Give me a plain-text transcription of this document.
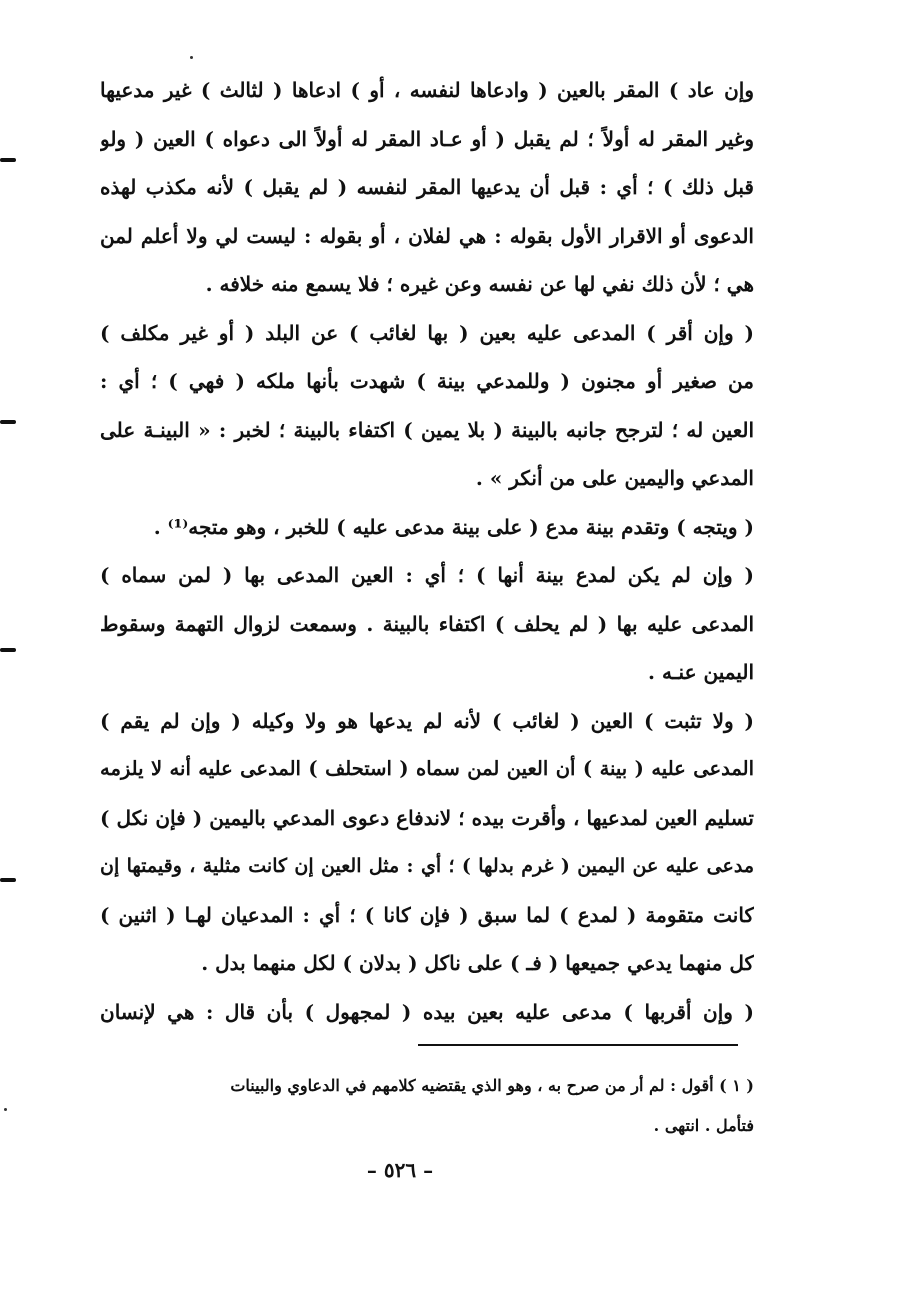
وإن عاد ) المقر بالعين ( وادعاها لنفسه ، أو ) ادعاها ( لثالث ) غير مدعيها
وغير المقر له أولاً ؛ لم يقبل ( أو عـاد المقر له أولاً الى دعواه ) العين ( ولو
قبل ذلك ) ؛ أي : قبل أن يدعيها المقر لنفسه ( لم يقبل ) لأنه مكذب لهذه
الدعوى أو الاقرار الأول بقوله : هي لفلان ، أو بقوله : ليست لي ولا أعلم لمن
هي ؛ لأن ذلك نفي لها عن نفسه وعن غيره ؛ فلا يسمع منه خلافه .
( وإن أقر ) المدعى عليه بعين ( بها لغائب ) عن البلد ( أو غير مكلف )
من صغير أو مجنون ( وللمدعي بينة ) شهدت بأنها ملكه ( فهي ) ؛ أي :
العين له ؛ لترجح جانبه بالبينة ( بلا يمين ) اكتفاء بالبينة ؛ لخبر : « البينـة على
المدعي واليمين على من أنكر » .
( ويتجه ) وتقدم بينة مدع ( على بينة مدعى عليه ) للخبر ، وهو متجه⁽¹⁾ .
( وإن لم يكن لمدع بينة أنها ) ؛ أي : العين المدعى بها ( لمن سماه )
المدعى عليه بها ( لم يحلف ) اكتفاء بالبينة . وسمعت لزوال التهمة وسقوط
اليمين عنـه .
( ولا تثبت ) العين ( لغائب ) لأنه لم يدعها هو ولا وكيله ( وإن لم يقم )
المدعى عليه ( بينة ) أن العين لمن سماه ( استحلف ) المدعى عليه أنه لا يلزمه
تسليم العين لمدعيها ، وأقرت بيده ؛ لاندفاع دعوى المدعي باليمين ( فإن نكل )
مدعى عليه عن اليمين ( غرم بدلها ) ؛ أي : مثل العين إن كانت مثلية ، وقيمتها إن
كانت متقومة ( لمدع ) لما سبق ( فإن كانا ) ؛ أي : المدعيان لهـا ( اثنين )
كل منهما يدعي جميعها ( فـ ) على ناكل ( بدلان ) لكل منهما بدل .
( وإن أقربها ) مدعى عليه بعين بيده ( لمجهول ) بأن قال : هي لإنسان
( ١ ) أقول : لم أر من صرح به ، وهو الذي يقتضيه كلامهم في الدعاوي والبينات
فتأمل . انتهى .
– ٥٢٦ –
